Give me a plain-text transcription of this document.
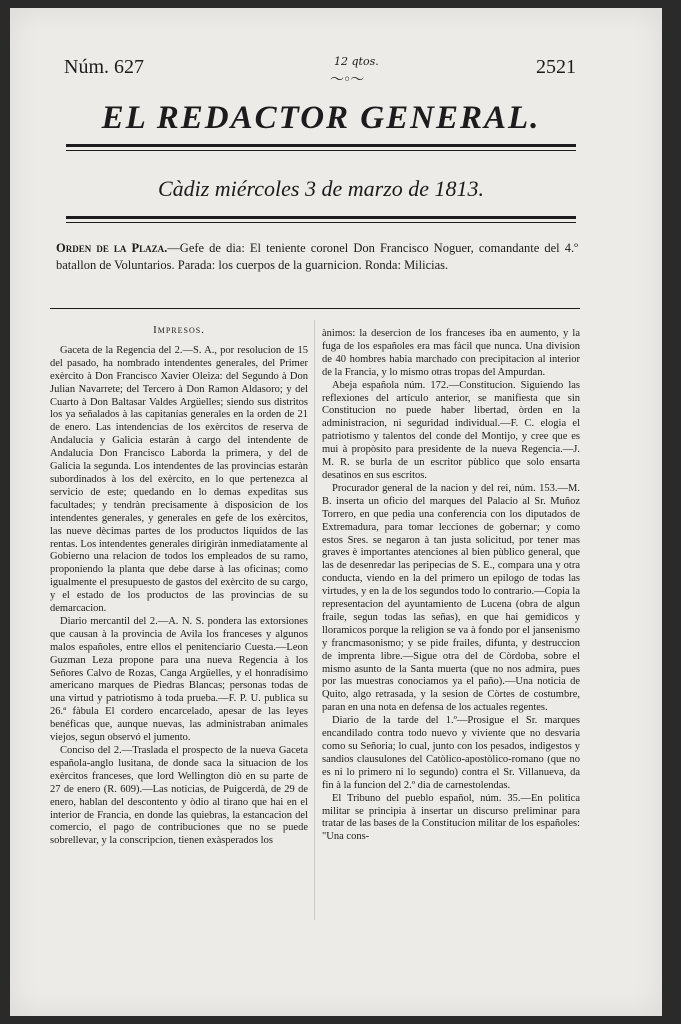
Núm. 627	12 qtos.
〜◦〜
2521
EL REDACTOR GENERAL.
Càdiz miércoles 3 de marzo de 1813.
Orden de la Plaza.—Gefe de dia: El teniente coronel Don Francisco Noguer, comandante del 4.º batallon de Voluntarios. Parada: los cuerpos de la guarnicion. Ronda: Milicias.

Impresos.

Gaceta de la Regencia del 2.—S. A., por resolucion de 15 del pasado, ha nombrado intendentes generales, del Primer exèrcito à Don Francisco Xavier Oleiza: del Segundo à Don Julian Navarrete; del Tercero à Don Ramon Aldasoro; y del Cuarto à Don Baltasar Valdes Argüelles; siendo sus distritos los ya señalados à las capitanías generales en la orden de 21 de enero. Las intendencias de los exèrcitos de reserva de Andalucia y Galicia estaràn à cargo del intendente de Andalucia Don Francisco Laborda la primera, y del de Galicia la segunda. Los intendentes de las provincias estaràn subordinados à los del exèrcito, en lo que pertenezca al servicio de este; quedando en lo demas expeditas sus facultades; y tendràn precisamente à disposicion de los intendentes generales, y generales en gefe de los exèrcitos, las nueve dècimas partes de los productos liquidos de las rentas. Los intendentes generales dirigiràn inmediatamente al Gobierno una relacion de todos los empleados de su ramo, proponiendo la planta que debe darse à las oficinas; como igualmente el presupuesto de gastos del exèrcito de su cargo, y el estado de los productos de las provincias de su demarcacion.

Diario mercantil del 2.—A. N. S. pondera las extorsiones que causan à la provincia de Avila los franceses y algunos malos españoles, entre ellos el penitenciario Cuesta.—Leon Guzman Leza propone para una nueva Regencia à los Señores Calvo de Rozas, Canga Argüelles, y el honradísimo americano marques de Piedras Blancas; personas todas de una virtud y patriotismo à toda prueba.—F. P. U. publica su 26.ª fàbula El cordero encarcelado, apesar de las leyes benéficas que, aunque nuevas, las administraban animales viejos, segun observó el jumento.

Conciso del 2.—Traslada el prospecto de la nueva Gaceta española-anglo lusitana, de donde saca la situacion de los exèrcitos franceses, que lord Wellington diò en su parte de 27 de enero (R. 609).—Las noticias, de Puigcerdà, de 29 de enero, hablan del descontento y òdio al tirano que hai en el interior de Francia, en donde las quiebras, la estancacion del comercio, el pago de contribuciones que no se puede sobrellevar, y la conscripcion, tienen exàsperados los

ànimos: la desercion de los franceses iba en aumento, y la fuga de los españoles era mas fàcil que nunca. Una division de 40 hombres habia marchado con precipitacion al interior de la Francia, y lo mismo otras tropas del Ampurdan.

Abeja española núm. 172.—Constitucion. Siguiendo las reflexiones del artículo anterior, se manifiesta que sin Constitucion no puede haber libertad, òrden en la administracion, ni seguridad individual.—F. C. elogia el patriotismo y talentos del conde del Montijo, y cree que es mui à propòsito para presidente de la nueva Regencia.—J. M. R. se burla de un escritor pùblico que solo ensarta desatinos en sus escritos.

Procurador general de la nacion y del rei, núm. 153.—M. B. inserta un oficio del marques del Palacio al Sr. Muñoz Torrero, en que pedia una conferencia con los diputados de Extremadura, para tomar lecciones de gobernar; y como estos Sres. se negaron à tan justa solicitud, por tener mas graves è importantes atenciones al bien pùblico general, que las de desenredar las peripecias de S. E., compara una y otra conducta, viendo en la del primero un epilogo de todas las virtudes, y en la de los segundos todo lo contrario.—Copia la representacion del ayuntamiento de Lucena (obra de algun fraile, segun todas las señas), en que hai gemidicos y lloramicos porque la religion se va à fondo por el jansenismo y francmasonismo; y se pide frailes, difunta, y destruccion de imprenta libre.—Sigue otra del de Còrdoba, sobre el mismo asunto de la Santa muerta (que no nos admira, pues por las muestras conociamos ya el paño).—Una noticia de Quito, algo retrasada, y la sesion de Còrtes de costumbre, paran en una nota en defensa de los actuales regentes.

Diario de la tarde del 1.º—Prosigue el Sr. marques encandilado contra todo nuevo y viviente que no desvaria como su Señoria; lo cual, junto con los pesados, indigestos y sandios clausulones del Catòlico-apostòlico-romano (que no es ni lo primero ni lo segundo) contra el Sr. Villanueva, da fin à la funcion del 2.º dia de carnestolendas.

El Tribuno del pueblo español, núm. 35.—En politica militar se principia à insertar un discurso preliminar para tratar de las bases de la Constitucion militar de los españoles: "Una cons-
